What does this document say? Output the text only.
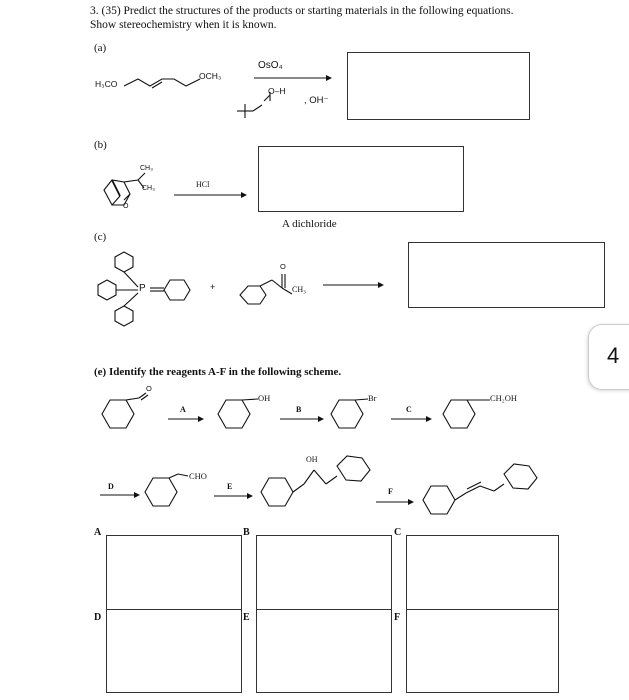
3. (35) Predict the structures of the products or starting materials in the following equations.
Show stereochemistry when it is known.
(a)
H₃CO
OCH₃
OsO₄
O–H
, OH⁻
(b)
CH₃
CH₃
O
HCl
A dichloride
(c)
P	+
O
CH₃
4
(e) Identify the reagents A-F in the following scheme.
O
A
OH
B
Br
C
CH₂OH
D
CHO
E
OH
F
A	B	C
D	E	F
